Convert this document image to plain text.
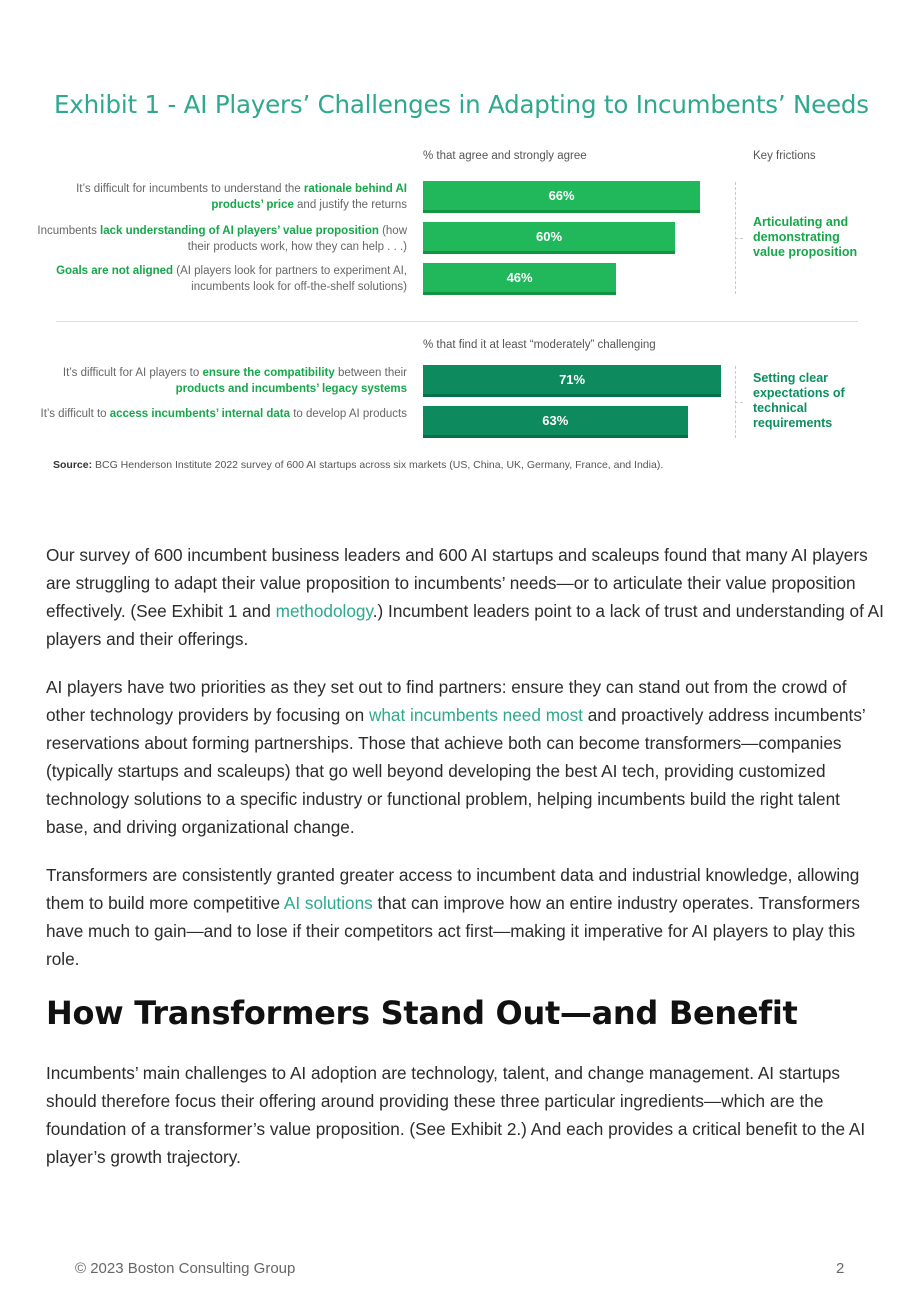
Exhibit 1 - AI Players’ Challenges in Adapting to Incumbents’ Needs
% that agree and strongly agree	Key frictions
It’s difficult for incumbents to understand the rationale behind AI products’ price and justify the returns
Incumbents lack understanding of AI players’ value proposition (how their products work, how they can help . . .)
Goals are not aligned (AI players look for partners to experiment AI, incumbents look for off-the-shelf solutions)
66%
60%
46%
Articulating and demonstrating value proposition
% that find it at least “moderately” challenging
It’s difficult for AI players to ensure the compatibility between their products and incumbents’ legacy systems
It’s difficult to access incumbents’ internal data to develop AI products
71%
63%
Setting clear expectations of technical requirements
Source: BCG Henderson Institute 2022 survey of 600 AI startups across six markets (US, China, UK, Germany, France, and India).

Our survey of 600 incumbent business leaders and 600 AI startups and scaleups found that many AI players are struggling to adapt their value proposition to incumbents’ needs—or to articulate their value proposition effectively. (See Exhibit 1 and methodology.) Incumbent leaders point to a lack of trust and understanding of AI players and their offerings.

AI players have two priorities as they set out to find partners: ensure they can stand out from the crowd of other technology providers by focusing on what incumbents need most and proactively address incumbents’ reservations about forming partnerships. Those that achieve both can become transformers—companies (typically startups and scaleups) that go well beyond developing the best AI tech, providing customized technology solutions to a specific industry or functional problem, helping incumbents build the right talent base, and driving organizational change.

Transformers are consistently granted greater access to incumbent data and industrial knowledge, allowing them to build more competitive AI solutions that can improve how an entire industry operates. Transformers have much to gain—and to lose if their competitors act first—making it imperative for AI players to play this role.

How Transformers Stand Out—and Benefit

Incumbents’ main challenges to AI adoption are technology, talent, and change management. AI startups should therefore focus their offering around providing these three particular ingredients—which are the foundation of a transformer’s value proposition. (See Exhibit 2.) And each provides a critical benefit to the AI player’s growth trajectory.

© 2023 Boston Consulting Group	2
